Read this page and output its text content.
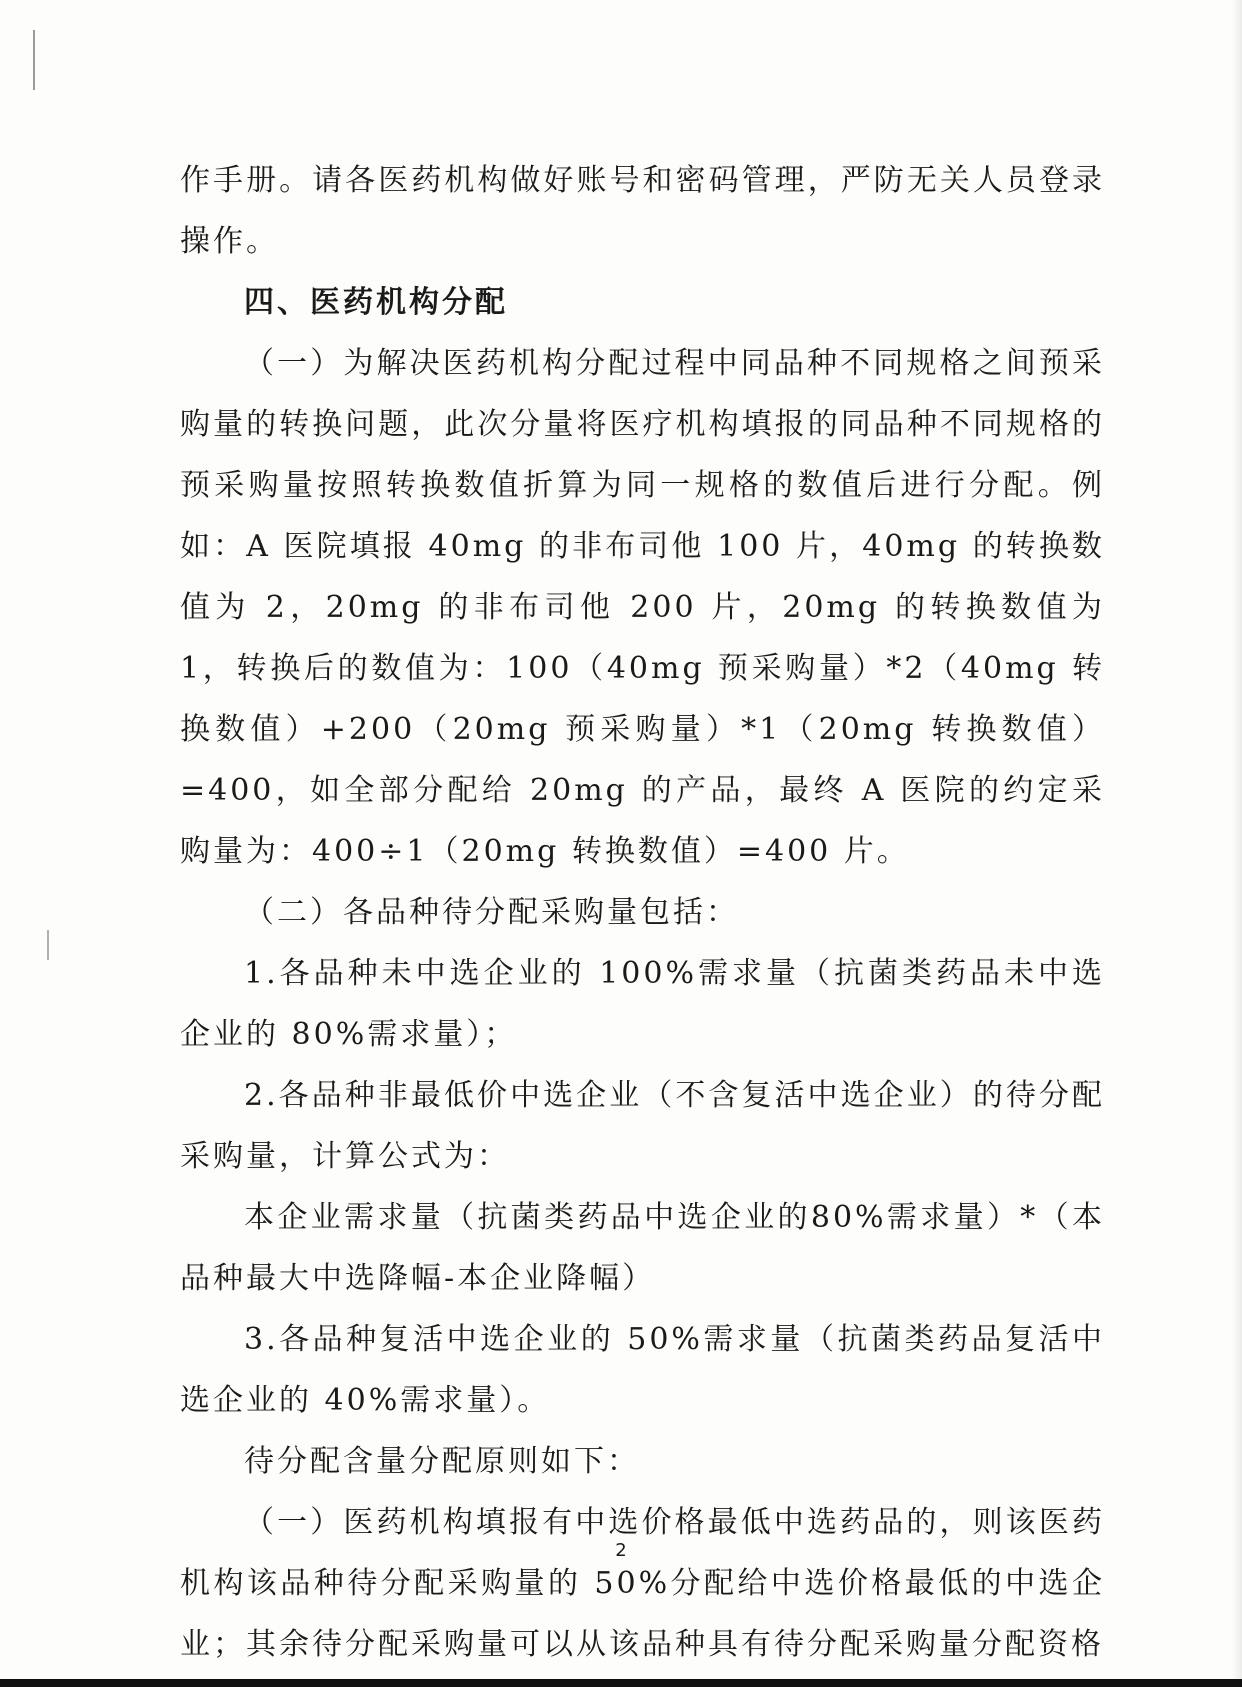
作手册。请各医药机构做好账号和密码管理，严防无关人员登录操作。

四、医药机构分配

（一）为解决医药机构分配过程中同品种不同规格之间预采购量的转换问题，此次分量将医疗机构填报的同品种不同规格的预采购量按照转换数值折算为同一规格的数值后进行分配。例如：A 医院填报 40mg 的非布司他 100 片，40mg 的转换数值为 2，20mg 的非布司他 200 片，20mg 的转换数值为 1，转换后的数值为：100（40mg 预采购量）*2（40mg 转换数值）+200（20mg 预采购量）*1（20mg 转换数值）=400，如全部分配给 20mg 的产品，最终 A 医院的约定采购量为：400÷1（20mg 转换数值）=400 片。

（二）各品种待分配采购量包括：

1.各品种未中选企业的 100%需求量（抗菌类药品未中选企业的 80%需求量）；

2.各品种非最低价中选企业（不含复活中选企业）的待分配采购量，计算公式为：

本企业需求量（抗菌类药品中选企业的80%需求量）*（本品种最大中选降幅-本企业降幅）

3.各品种复活中选企业的 50%需求量（抗菌类药品复活中选企业的 40%需求量）。

待分配含量分配原则如下：

（一）医药机构填报有中选价格最低中选药品的，则该医药机构该品种待分配采购量的 50%分配给中选价格最低的中选企业；其余待分配采购量可以从该品种具有待分配采购量分配资格

2
